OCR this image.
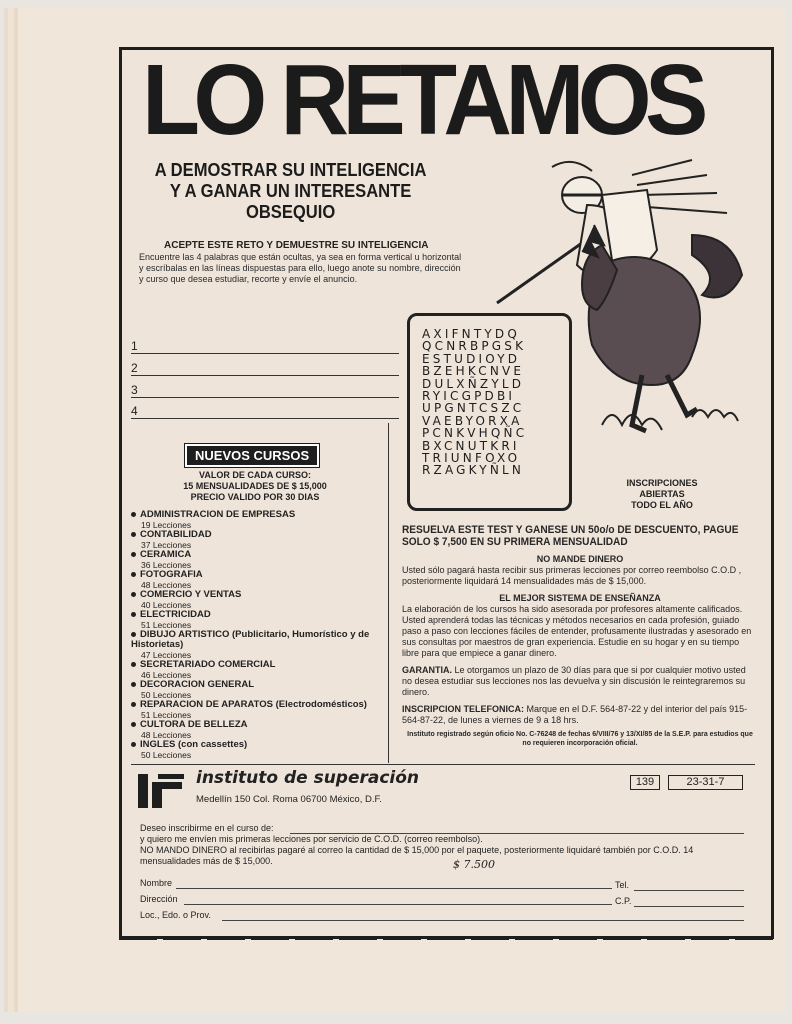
LO RETAMOS
A DEMOSTRAR SU INTELIGENCIA
Y A GANAR UN INTERESANTE
OBSEQUIO
ACEPTE ESTE RETO Y DEMUESTRE SU INTELIGENCIA
Encuentre las 4 palabras que están ocultas, ya sea en forma vertical u horizontal y escríbalas en las líneas dispuestas para ello, luego anote su nombre, dirección y curso que desea estudiar, recorte y envíe el anuncio.
1
2
3
4
AXIFNTYDQ
QCNRBPGSK
ESTUDIOYD
BZEHKCNVE
DULXÑZYLD
RYICGPDBI
UPGNTCSZC
VAEBYORXA
PCNKVHQÑC
BXCNUTKRI
TRIUNFOXO
RZAGKYÑLN
INSCRIPCIONES
ABIERTAS
TODO EL AÑO
NUEVOS CURSOS
VALOR DE CADA CURSO:
15 MENSUALIDADES DE $ 15,000
PRECIO VALIDO POR 30 DIAS
ADMINISTRACION DE EMPRESAS
19 Lecciones
CONTABILIDAD
37 Lecciones
CERAMICA
36 Lecciones
FOTOGRAFIA
48 Lecciones
COMERCIO Y VENTAS
40 Lecciones
ELECTRICIDAD
51 Lecciones
DIBUJO ARTISTICO (Publicitario, Humorístico y de Historietas)
47 Lecciones
SECRETARIADO COMERCIAL
46 Lecciones
DECORACION GENERAL
50 Lecciones
REPARACION DE APARATOS (Electrodomésticos)
51 Lecciones
CULTORA DE BELLEZA
48 Lecciones
INGLES (con cassettes)
50 Lecciones
RESUELVA ESTE TEST Y GANESE UN 50o/o DE DESCUENTO, PAGUE SOLO $ 7,500 EN SU PRIMERA MENSUALIDAD
NO MANDE DINERO
Usted sólo pagará hasta recibir sus primeras lecciones por correo reembolso C.O.D , posteriormente liquidará 14 mensualidades más de $ 15,000.
EL MEJOR SISTEMA DE ENSEÑANZA
La elaboración de los cursos ha sido asesorada por profesores altamente calificados. Usted aprenderá todas las técnicas y métodos necesarios en cada profesión, guiado paso a paso con lecciones fáciles de entender, profusamente ilustradas y asesorado en sus consultas por maestros de gran experiencia. Estudie en su hogar y en su tiempo libre para que empiece a ganar dinero.
GARANTIA. Le otorgamos un plazo de 30 días para que si por cualquier motivo usted no desea estudiar sus lecciones nos las devuelva y sin discusión le reintegraremos su dinero.
INSCRIPCION TELEFONICA: Marque en el D.F. 564-87-22 y del interior del país 915-564-87-22, de lunes a viernes de 9 a 18 hrs.
Instituto registrado según oficio No. C-76248 de fechas 6/VIII/76 y 13/XI/85 de la S.E.P. para estudios que no requieren incorporación oficial.
instituto de superación
Medellín 150 Col. Roma 06700 México, D.F.
139	23-31-7
Deseo inscribirme en el curso de:
y quiero me envíen mis primeras lecciones por servicio de C.O.D. (correo reembolso).
NO MANDO DINERO al recibirlas pagaré al correo la cantidad de $ 15,000 por el paquete, posteriormente liquidaré también por C.O.D. 14 mensualidades más de $ 15,000.	$ 7.500
Nombre	Tel.
Dirección	C.P.
Loc., Edo. o Prov.
